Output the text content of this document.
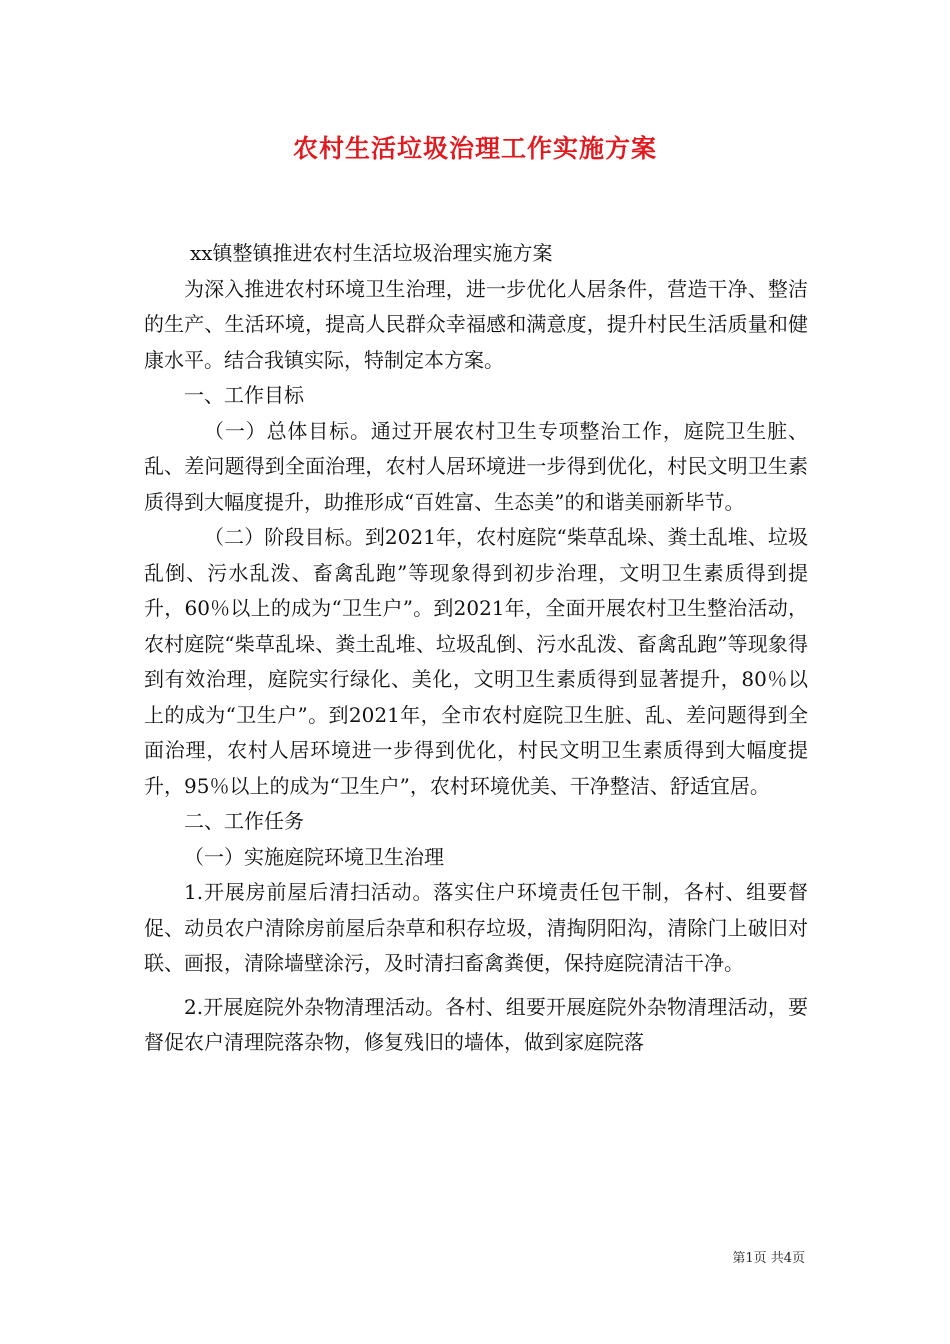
农村生活垃圾治理工作实施方案

xx镇整镇推进农村生活垃圾治理实施方案

为深入推进农村环境卫生治理，进一步优化人居条件，营造干净、整洁的生产、生活环境，提高人民群众幸福感和满意度，提升村民生活质量和健康水平。结合我镇实际，特制定本方案。

一、工作目标

（一）总体目标。通过开展农村卫生专项整治工作，庭院卫生脏、乱、差问题得到全面治理，农村人居环境进一步得到优化，村民文明卫生素质得到大幅度提升，助推形成“百姓富、生态美”的和谐美丽新毕节。

（二）阶段目标。到2021年，农村庭院“柴草乱垛、粪土乱堆、垃圾乱倒、污水乱泼、畜禽乱跑”等现象得到初步治理，文明卫生素质得到提升，60％以上的成为“卫生户”。到2021年，全面开展农村卫生整治活动，农村庭院“柴草乱垛、粪土乱堆、垃圾乱倒、污水乱泼、畜禽乱跑”等现象得到有效治理，庭院实行绿化、美化，文明卫生素质得到显著提升，80％以上的成为“卫生户”。到2021年，全市农村庭院卫生脏、乱、差问题得到全面治理，农村人居环境进一步得到优化，村民文明卫生素质得到大幅度提升，95％以上的成为“卫生户”，农村环境优美、干净整洁、舒适宜居。

二、工作任务

（一）实施庭院环境卫生治理

1.开展房前屋后清扫活动。落实住户环境责任包干制，各村、组要督促、动员农户清除房前屋后杂草和积存垃圾，清掏阴阳沟，清除门上破旧对联、画报，清除墙壁涂污，及时清扫畜禽粪便，保持庭院清洁干净。

2.开展庭院外杂物清理活动。各村、组要开展庭院外杂物清理活动，要督促农户清理院落杂物，修复残旧的墙体，做到家庭院落

第1页 共4页
